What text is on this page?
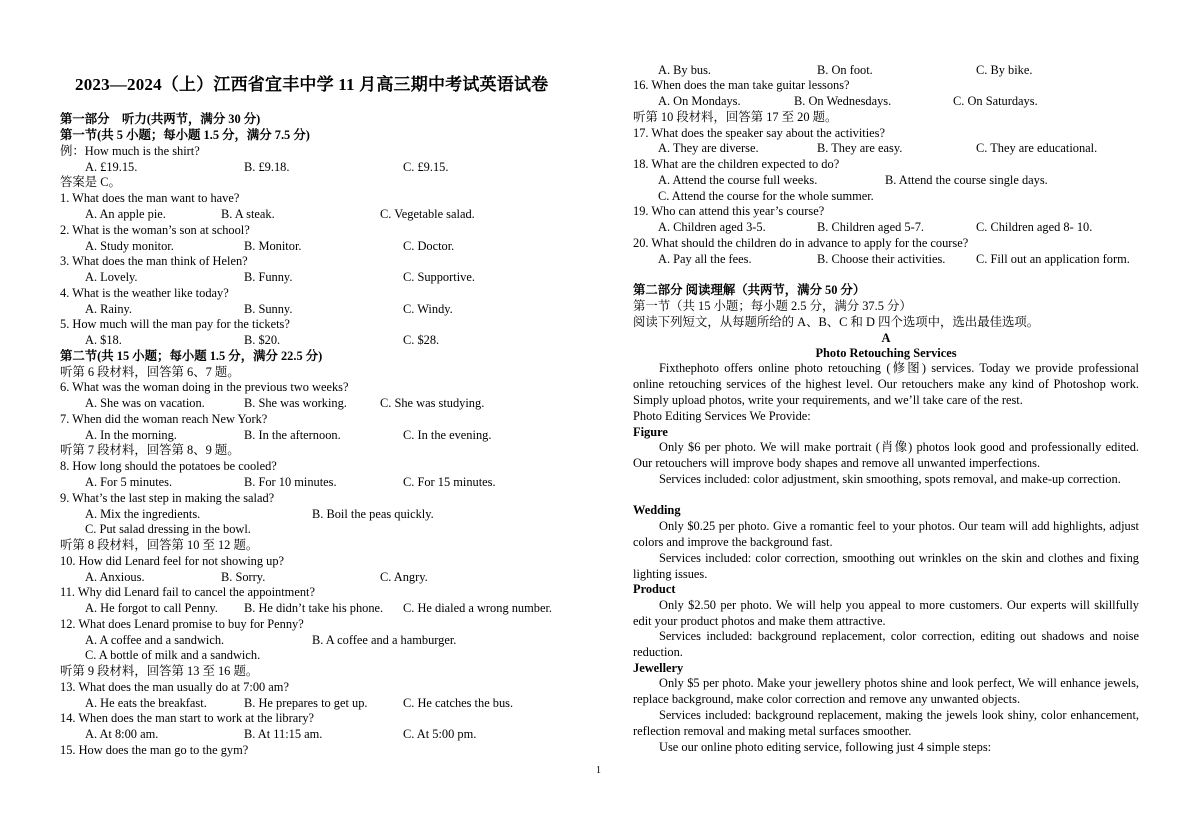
2023—2024（上）江西省宜丰中学 11 月高三期中考试英语试卷
第一部分　听力(共两节，满分 30 分)
第一节(共 5 小题；每小题 1.5 分，满分 7.5 分)
例：How much is the shirt?
A. £19.15.	B. £9.18.	C. £9.15.
答案是 C。
1. What does the man want to have?
A. An apple pie.	B. A steak.	C. Vegetable salad.
2. What is the woman’s son at school?
A. Study monitor.	B. Monitor.	C. Doctor.
3. What does the man think of Helen?
A. Lovely.	B. Funny.	C. Supportive.
4. What is the weather like today?
A. Rainy.	B. Sunny.	C. Windy.
5. How much will the man pay for the tickets?
A. $18.	B. $20.	C. $28.
第二节(共 15 小题；每小题 1.5 分，满分 22.5 分)
听第 6 段材料，回答第 6、7 题。
6. What was the woman doing in the previous two weeks?
A. She was on vacation.	B. She was working.	C. She was studying.
7. When did the woman reach New York?
A. In the morning.	B. In the afternoon.	C. In the evening.
听第 7 段材料，回答第 8、9 题。
8. How long should the potatoes be cooled?
A. For 5 minutes.	B. For 10 minutes.	C. For 15 minutes.
9. What’s the last step in making the salad?
A. Mix the ingredients.	B. Boil the peas quickly.
C. Put salad dressing in the bowl.
听第 8 段材料，回答第 10 至 12 题。
10. How did Lenard feel for not showing up?
A. Anxious.	B. Sorry.	C. Angry.
11. Why did Lenard fail to cancel the appointment?
A. He forgot to call Penny. B. He didn’t take his phone. C. He dialed a wrong number.
12. What does Lenard promise to buy for Penny?
A. A coffee and a sandwich.	B. A coffee and a hamburger.
C. A bottle of milk and a sandwich.
听第 9 段材料，回答第 13 至 16 题。
13. What does the man usually do at 7:00 am?
A. He eats the breakfast.	B. He prepares to get up.	C. He catches the bus.
14. When does the man start to work at the library?
A. At 8:00 am.	B. At 11:15 am.	C. At 5:00 pm.
15. How does the man go to the gym?
A. By bus.	B. On foot.	C. By bike.
16. When does the man take guitar lessons?
A. On Mondays.	B. On Wednesdays.	C. On Saturdays.
听第 10 段材料，回答第 17 至 20 题。
17. What does the speaker say about the activities?
A. They are diverse.	B. They are easy.	C. They are educational.
18. What are the children expected to do?
A. Attend the course full weeks.	B. Attend the course single days.
C. Attend the course for the whole summer.
19. Who can attend this year’s course?
A. Children aged 3-5.	B. Children aged 5-7.	C. Children aged 8- 10.
20. What should the children do in advance to apply for the course?
A. Pay all the fees.	B. Choose their activities. C. Fill out an application form.
第二部分 阅读理解（共两节，满分 50 分）
第一节（共 15 小题；每小题 2.5 分，满分 37.5 分）
阅读下列短文，从每题所给的 A、B、C 和 D 四个选项中，选出最佳选项。
A
Photo Retouching Services
Fixthephoto offers online photo retouching (修图) services. Today we provide professional online retouching services of the highest level. Our retouchers make any kind of Photoshop work. Simply upload photos, write your requirements, and we’ll take care of the rest.
Photo Editing Services We Provide:
Figure
Only $6 per photo. We will make portrait (肖像) photos look good and professionally edited. Our retouchers will improve body shapes and remove all unwanted imperfections.
Services included: color adjustment, skin smoothing, spots removal, and make-up correction.
Wedding
Only $0.25 per photo. Give a romantic feel to your photos. Our team will add highlights, adjust colors and improve the background fast.
Services included: color correction, smoothing out wrinkles on the skin and clothes and fixing lighting issues.
Product
Only $2.50 per photo. We will help you appeal to more customers. Our experts will skillfully edit your product photos and make them attractive.
Services included: background replacement, color correction, editing out shadows and noise reduction.
Jewellery
Only $5 per photo. Make your jewellery photos shine and look perfect, We will enhance jewels, replace background, make color correction and remove any unwanted objects.
Services included: background replacement, making the jewels look shiny, color enhancement, reflection removal and making metal surfaces smoother.
Use our online photo editing service, following just 4 simple steps:
1
